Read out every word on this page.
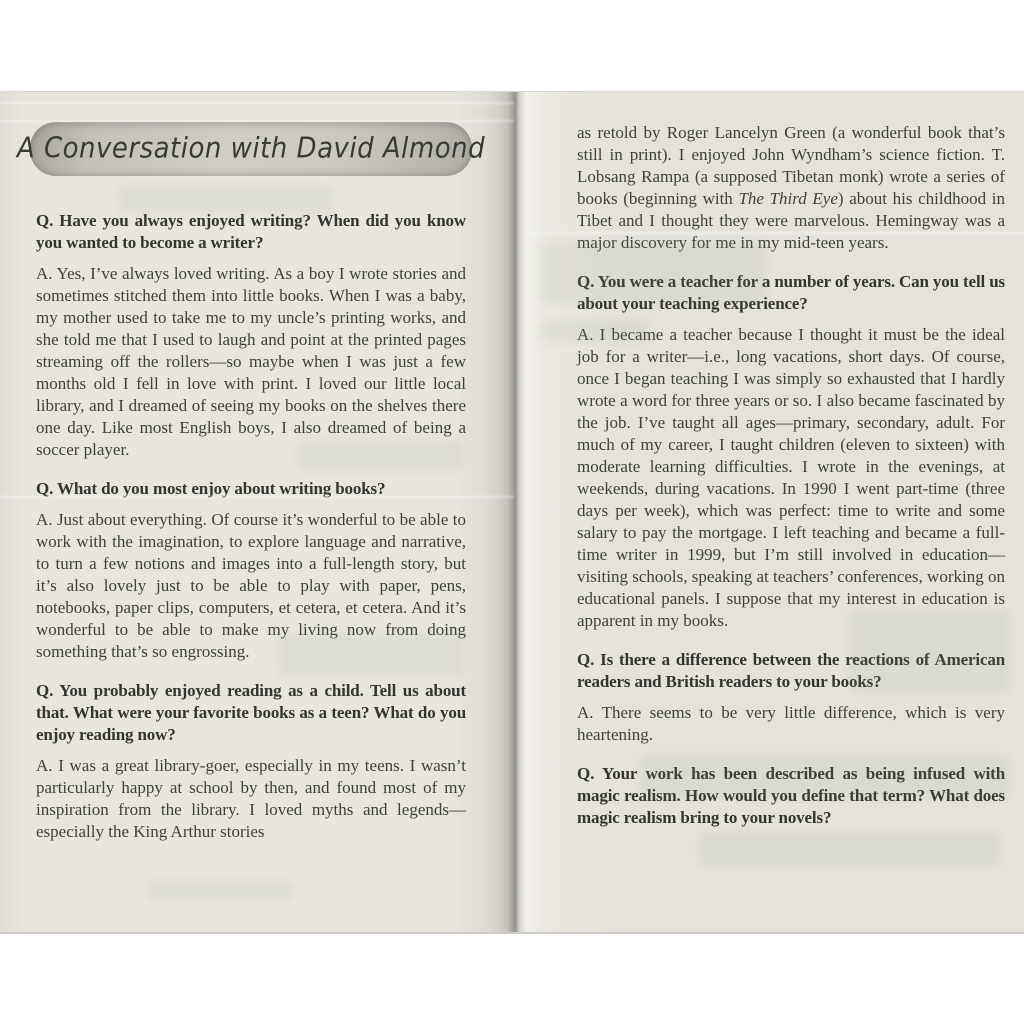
A Conversation with David Almond

Q. Have you always enjoyed writing? When did you know you wanted to become a writer?

A. Yes, I’ve always loved writing. As a boy I wrote stories and sometimes stitched them into little books. When I was a baby, my mother used to take me to my uncle’s printing works, and she told me that I used to laugh and point at the printed pages streaming off the rollers—so maybe when I was just a few months old I fell in love with print. I loved our little local library, and I dreamed of seeing my books on the shelves there one day. Like most English boys, I also dreamed of being a soccer player.

Q. What do you most enjoy about writing books?

A. Just about everything. Of course it’s wonderful to be able to work with the imagination, to explore language and narrative, to turn a few notions and images into a full-length story, but it’s also lovely just to be able to play with paper, pens, notebooks, paper clips, computers, et cetera, et cetera. And it’s wonderful to be able to make my living now from doing something that’s so engrossing.

Q. You probably enjoyed reading as a child. Tell us about that. What were your favorite books as a teen? What do you enjoy reading now?

A. I was a great library-goer, especially in my teens. I wasn’t particularly happy at school by then, and found most of my inspiration from the library. I loved myths and legends—especially the King Arthur stories

as retold by Roger Lancelyn Green (a wonderful book that’s still in print). I enjoyed John Wyndham’s science fiction. T. Lobsang Rampa (a supposed Tibetan monk) wrote a series of books (beginning with The Third Eye) about his childhood in Tibet and I thought they were marvelous. Hemingway was a major discovery for me in my mid-teen years.

Q. You were a teacher for a number of years. Can you tell us about your teaching experience?

A. I became a teacher because I thought it must be the ideal job for a writer—i.e., long vacations, short days. Of course, once I began teaching I was simply so exhausted that I hardly wrote a word for three years or so. I also became fascinated by the job. I’ve taught all ages—primary, secondary, adult. For much of my career, I taught children (eleven to sixteen) with moderate learning difficulties. I wrote in the evenings, at weekends, during vacations. In 1990 I went part-time (three days per week), which was perfect: time to write and some salary to pay the mortgage. I left teaching and became a full-time writer in 1999, but I’m still involved in education—visiting schools, speaking at teachers’ conferences, working on educational panels. I suppose that my interest in education is apparent in my books.

Q. Is there a difference between the reactions of American readers and British readers to your books?

A. There seems to be very little difference, which is very heartening.

Q. Your work has been described as being infused with magic realism. How would you define that term? What does magic realism bring to your novels?
